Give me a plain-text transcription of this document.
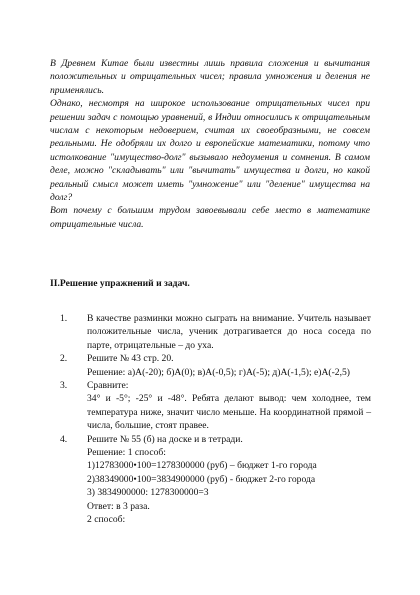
В Древнем Китае были известны лишь правила сложения и вычитания положительных и отрицательных чисел; правила умножения и деления не применялись.

Однако, несмотря на широкое использование отрицательных чисел при решении задач с помощью уравнений, в Индии относились к отрицательным числам с некоторым недоверием, считая их своеобразными, не совсем реальными. Не одобряли их долго и европейские математики, потому что истолкование "имущество-долг" вызывало недоумения и сомнения. В самом деле, можно "складывать" или "вычитать" имущества и долги, но какой реальный смысл может иметь "умножение" или "деление" имущества на долг?

Вот почему с большим трудом завоевывали себе место в математике отрицательные числа.

II.Решение упражнений и задач.
1. В качестве разминки можно сыграть на внимание. Учитель называет положительные числа, ученик дотрагивается до носа соседа по парте, отрицательные – до уха.
2. Решите № 43 стр. 20.
Решение: а)А(-20); б)А(0); в)А(-0,5); г)А(-5); д)А(-1,5); е)А(-2,5)
3. Сравните:
34° и -5°; -25° и -48°. Ребята делают вывод: чем холоднее, тем температура ниже, значит число меньше. На координатной прямой – числа, большие, стоят правее.
4. Решите № 55 (б) на доске и в тетради.
Решение: 1 способ:
1)12783000•100=1278300000 (руб) – бюджет 1-го города
2)38349000•100=3834900000 (руб) - бюджет 2-го города
3) 3834900000: 1278300000=3
Ответ: в 3 раза.
2 способ:
